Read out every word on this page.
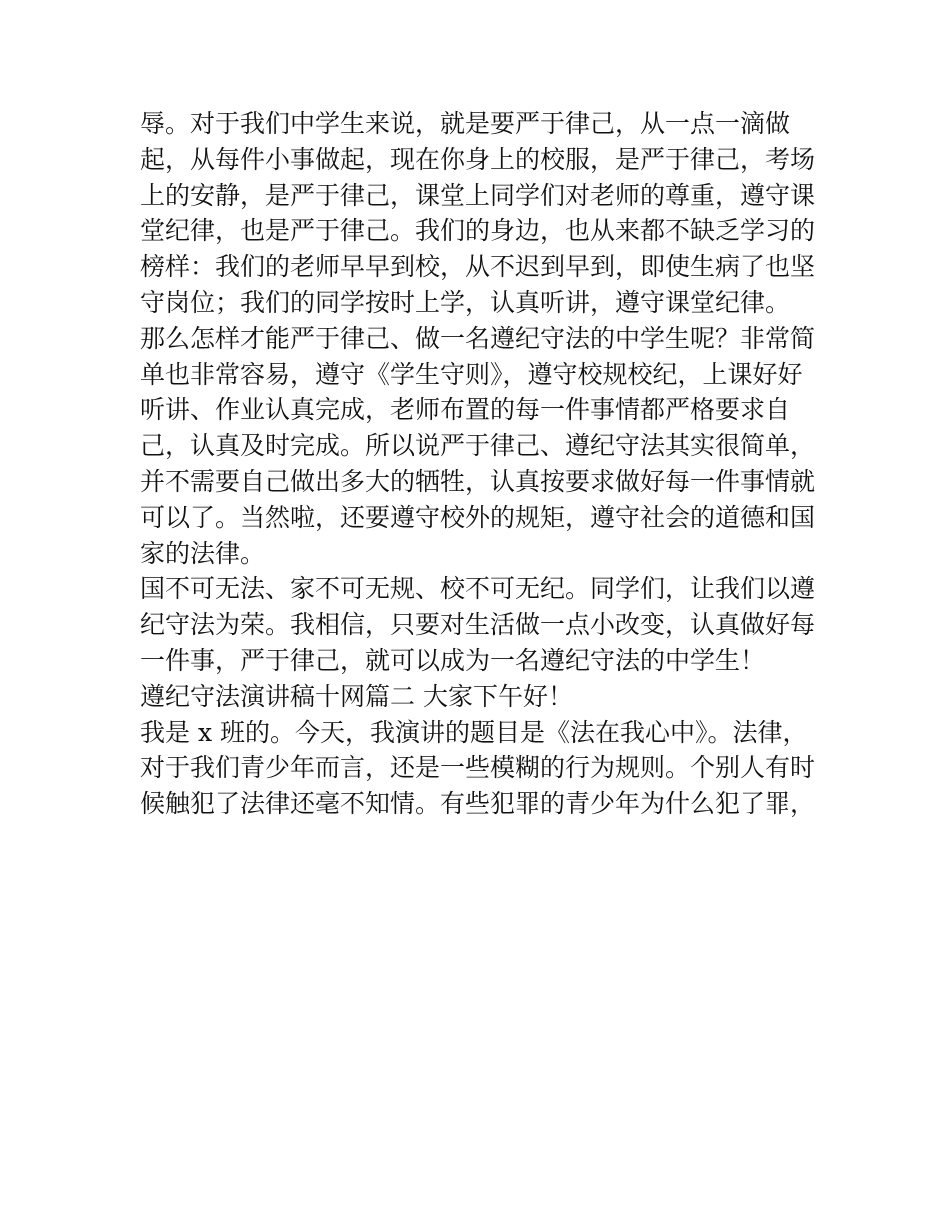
辱。对于我们中学生来说，就是要严于律己，从一点一滴做
起，从每件小事做起，现在你身上的校服，是严于律己，考场
上的安静，是严于律己，课堂上同学们对老师的尊重，遵守课
堂纪律，也是严于律己。我们的身边，也从来都不缺乏学习的
榜样：我们的老师早早到校，从不迟到早到，即使生病了也坚
守岗位；我们的同学按时上学，认真听讲，遵守课堂纪律。
那么怎样才能严于律己、做一名遵纪守法的中学生呢？非常简
单也非常容易，遵守《学生守则》，遵守校规校纪，上课好好
听讲、作业认真完成，老师布置的每一件事情都严格要求自
己，认真及时完成。所以说严于律己、遵纪守法其实很简单，
并不需要自己做出多大的牺牲，认真按要求做好每一件事情就
可以了。当然啦，还要遵守校外的规矩，遵守社会的道德和国
家的法律。
国不可无法、家不可无规、校不可无纪。同学们，让我们以遵
纪守法为荣。我相信，只要对生活做一点小改变，认真做好每
一件事，严于律己，就可以成为一名遵纪守法的中学生！
遵纪守法演讲稿十网篇二 大家下午好！
我是 x 班的。今天，我演讲的题目是《法在我心中》。法律，
对于我们青少年而言，还是一些模糊的行为规则。个别人有时
候触犯了法律还毫不知情。有些犯罪的青少年为什么犯了罪，
